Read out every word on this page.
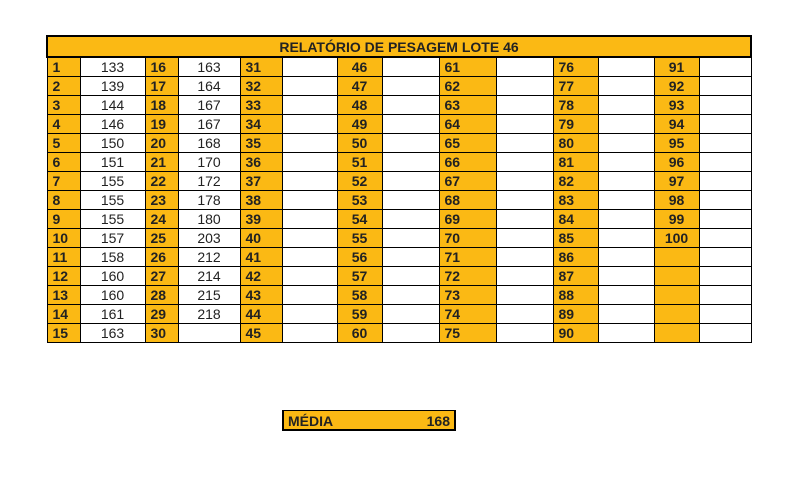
RELATÓRIO DE PESAGEM LOTE 46													
1	133	16	163	31		46		61		76		91	
2	139	17	164	32		47		62		77		92	
3	144	18	167	33		48		63		78		93	
4	146	19	167	34		49		64		79		94	
5	150	20	168	35		50		65		80		95	
6	151	21	170	36		51		66		81		96	
7	155	22	172	37		52		67		82		97	
8	155	23	178	38		53		68		83		98	
9	155	24	180	39		54		69		84		99	
10	157	25	203	40		55		70		85		100	
11	158	26	212	41		56		71		86			
12	160	27	214	42		57		72		87			
13	160	28	215	43		58		73		88			
14	161	29	218	44		59		74		89			
15	163	30		45		60		75		90			
MÉDIA	168
